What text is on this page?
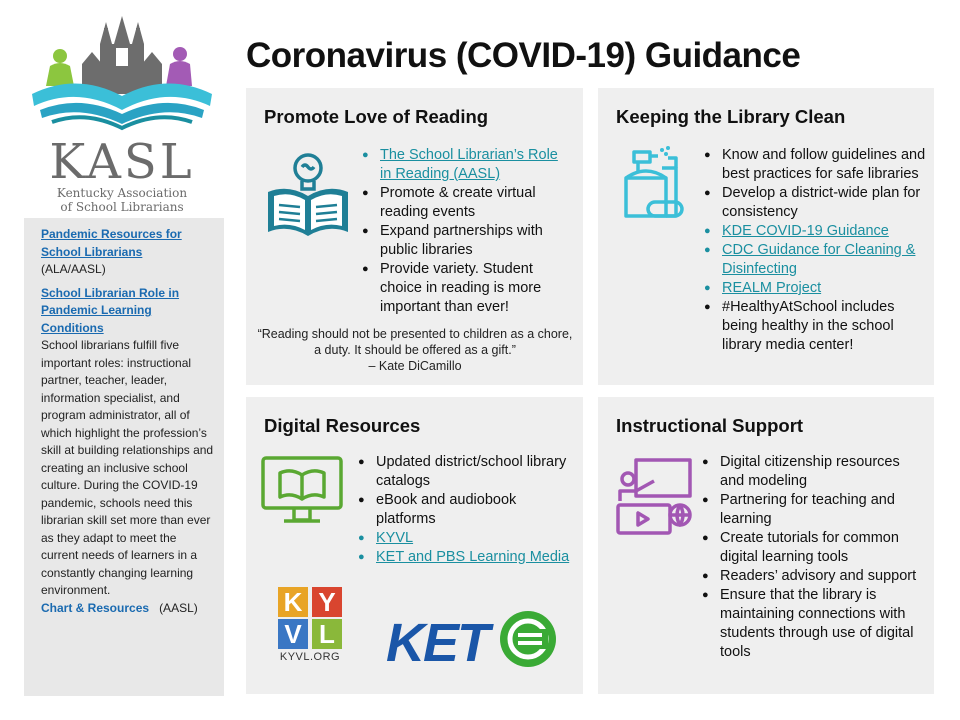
KASL
Kentucky Association
of School Librarians

Pandemic Resources for School Librarians
(ALA/AASL)

School Librarian Role in Pandemic Learning Conditions
School librarians fulfill five important roles: instructional partner, teacher, leader, information specialist, and program administrator, all of which highlight the profession’s skill at building relationships and creating an inclusive school culture. During the COVID-19 pandemic, schools need this librarian skill set more than ever as they adapt to meet the current needs of learners in a constantly changing learning environment.
Chart & Resources (AASL)

Coronavirus (COVID-19) Guidance
Promote Love of Reading
● The School Librarian’s Role in Reading (AASL)
● Promote & create virtual reading events
● Expand partnerships with public libraries
● Provide variety. Student choice in reading is more important than ever!
“Reading should not be presented to children as a chore, a duty. It should be offered as a gift.”
– Kate DiCamillo
Keeping the Library Clean
● Know and follow guidelines and best practices for safe libraries
● Develop a district-wide plan for consistency
● KDE COVID-19 Guidance
● CDC Guidance for Cleaning & Disinfecting
● REALM Project
● #HealthyAtSchool includes being healthy in the school library media center!
Digital Resources
● Updated district/school library catalogs
● eBook and audiobook platforms
● KYVL
● KET and PBS Learning Media
K Y
V L
KYVL.ORG KET
Instructional Support
● Digital citizenship resources and modeling
● Partnering for teaching and learning
● Create tutorials for common digital learning tools
● Readers’ advisory and support
● Ensure that the library is maintaining connections with students through use of digital tools
